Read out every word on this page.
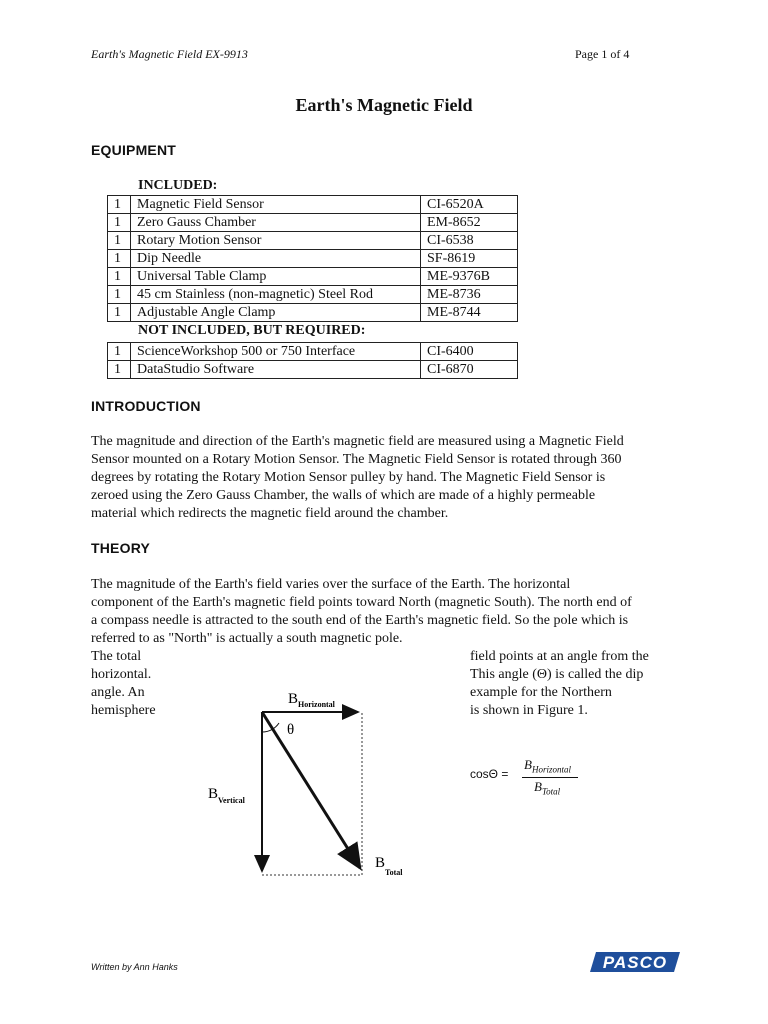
Earth's Magnetic Field EX-9913	Page 1 of 4
Earth's Magnetic Field
EQUIPMENT
INCLUDED:
1	Magnetic Field Sensor	CI-6520A
1	Zero Gauss Chamber	EM-8652
1	Rotary Motion Sensor	CI-6538
1	Dip Needle	SF-8619
1	Universal Table Clamp	ME-9376B
1	45 cm Stainless (non-magnetic) Steel Rod	ME-8736
1	Adjustable Angle Clamp	ME-8744
NOT INCLUDED, BUT REQUIRED:
1	ScienceWorkshop 500 or 750 Interface	CI-6400
1	DataStudio Software	CI-6870
INTRODUCTION
The magnitude and direction of the Earth's magnetic field are measured using a Magnetic Field
Sensor mounted on a Rotary Motion Sensor. The Magnetic Field Sensor is rotated through 360
degrees by rotating the Rotary Motion Sensor pulley by hand. The Magnetic Field Sensor is
zeroed using the Zero Gauss Chamber, the walls of which are made of a highly permeable
material which redirects the magnetic field around the chamber.
THEORY
The magnitude of the Earth's field varies over the surface of the Earth. The horizontal
component of the Earth's magnetic field points toward North (magnetic South). The north end of
a compass needle is attracted to the south end of the Earth's magnetic field. So the pole which is
referred to as "North" is actually a south magnetic pole.
The total
horizontal.
angle. An
hemisphere
field points at an angle from the
This angle (Θ) is called the dip
example for the Northern
is shown in Figure 1.
$B_{Horizontal}$
θ
$B_{Vertical}$
$B_{Total}$
cosΘ =
$B_{Horizontal}$
$B_{Total}$
Written by Ann Hanks	PASCO
